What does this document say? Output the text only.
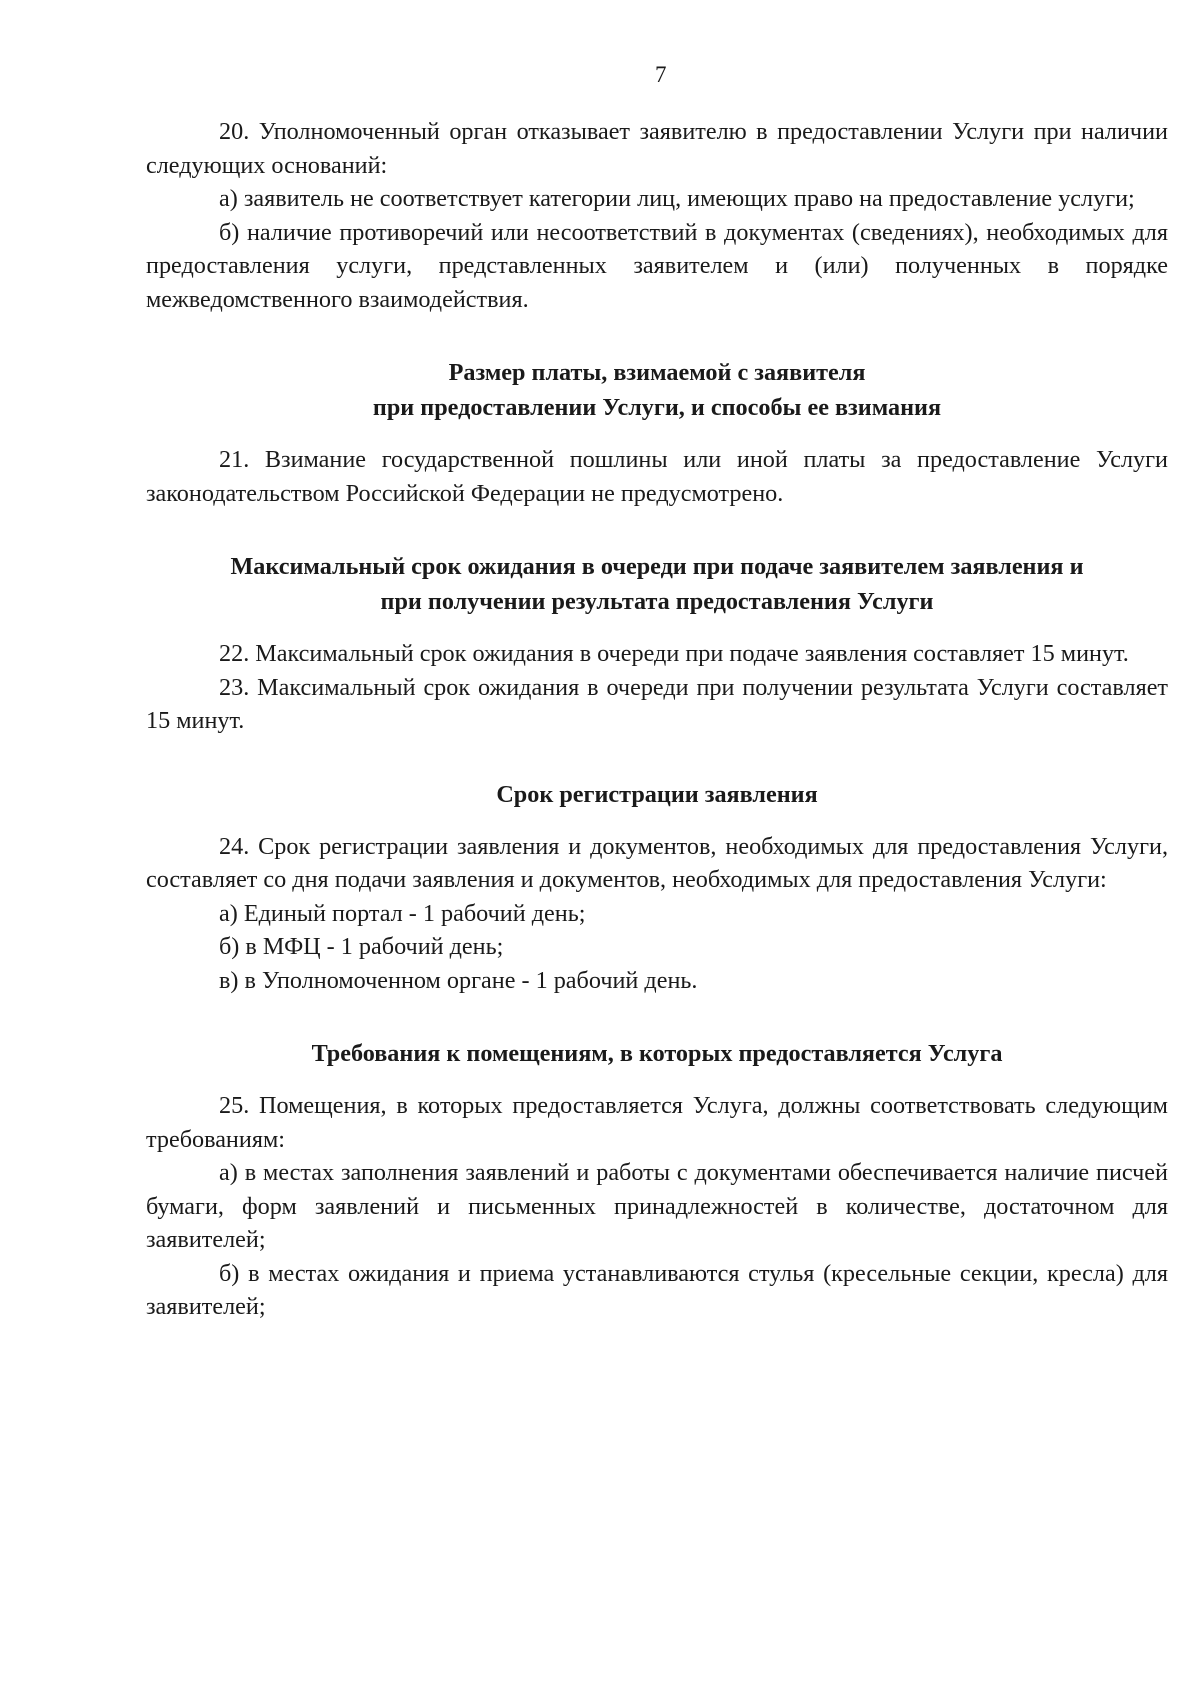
7

20. Уполномоченный орган отказывает заявителю в предоставлении Услуги при наличии следующих оснований:

а) заявитель не соответствует категории лиц, имеющих право на предоставление услуги;

б) наличие противоречий или несоответствий в документах (сведениях), необходимых для предоставления услуги, представленных заявителем и (или) полученных в порядке межведомственного взаимодействия.

Размер платы, взимаемой с заявителя
при предоставлении Услуги, и способы ее взимания

21. Взимание государственной пошлины или иной платы за предоставление Услуги законодательством Российской Федерации не предусмотрено.

Максимальный срок ожидания в очереди при подаче заявителем заявления и
при получении результата предоставления Услуги

22. Максимальный срок ожидания в очереди при подаче заявления составляет 15 минут.

23. Максимальный срок ожидания в очереди при получении результата Услуги составляет 15 минут.

Срок регистрации заявления

24. Срок регистрации заявления и документов, необходимых для предоставления Услуги, составляет со дня подачи заявления и документов, необходимых для предоставления Услуги:

а) Единый портал - 1 рабочий день;

б) в МФЦ - 1 рабочий день;

в) в Уполномоченном органе - 1 рабочий день.

Требования к помещениям, в которых предоставляется Услуга

25. Помещения, в которых предоставляется Услуга, должны соответствовать следующим требованиям:

а) в местах заполнения заявлений и работы с документами обеспечивается наличие писчей бумаги, форм заявлений и письменных принадлежностей в количестве, достаточном для заявителей;

б) в местах ожидания и приема устанавливаются стулья (кресельные секции, кресла) для заявителей;
